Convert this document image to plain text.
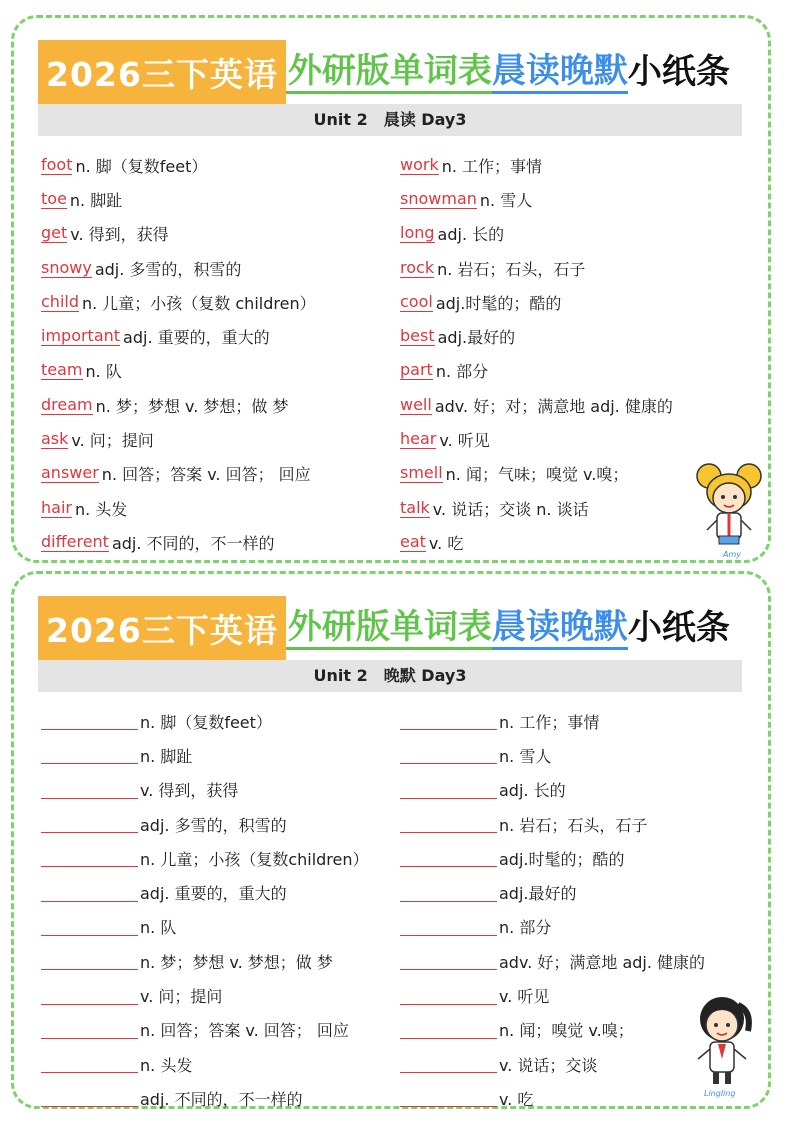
2026三下英语 外研版单词表 晨读晚默 小纸条
Unit 2　晨读 Day3
foot n. 脚（复数feet）
toe n. 脚趾
get v. 得到，获得
snowy adj. 多雪的，积雪的
child n. 儿童；小孩（复数 children）
important adj. 重要的，重大的
team n. 队
dream n. 梦；梦想 v. 梦想；做 梦
ask v. 问；提问
answer n. 回答；答案 v. 回答； 回应
hair n. 头发
different adj. 不同的，不一样的
work n. 工作；事情
snowman n. 雪人
long adj. 长的
rock n. 岩石；石头，石子
cool adj.时髦的；酷的
best adj.最好的
part n. 部分
well adv. 好；对；满意地 adj. 健康的
hear v. 听见
smell n. 闻；气味；嗅觉 v.嗅；
talk v. 说话；交谈 n. 谈话
eat v. 吃
Amy
2026三下英语 外研版单词表 晨读晚默 小纸条
Unit 2　晚默 Day3
n. 脚（复数feet）
n. 脚趾
v. 得到，获得
adj. 多雪的，积雪的
n. 儿童；小孩（复数children）
adj. 重要的，重大的
n. 队
n. 梦；梦想 v. 梦想；做 梦
v. 问；提问
n. 回答；答案 v. 回答； 回应
n. 头发
adj. 不同的，不一样的
n. 工作；事情
n. 雪人
adj. 长的
n. 岩石；石头，石子
adj.时髦的；酷的
adj.最好的
n. 部分
adv. 好；满意地 adj. 健康的
v. 听见
n. 闻；嗅觉 v.嗅；
v. 说话；交谈
v. 吃	Lingling
